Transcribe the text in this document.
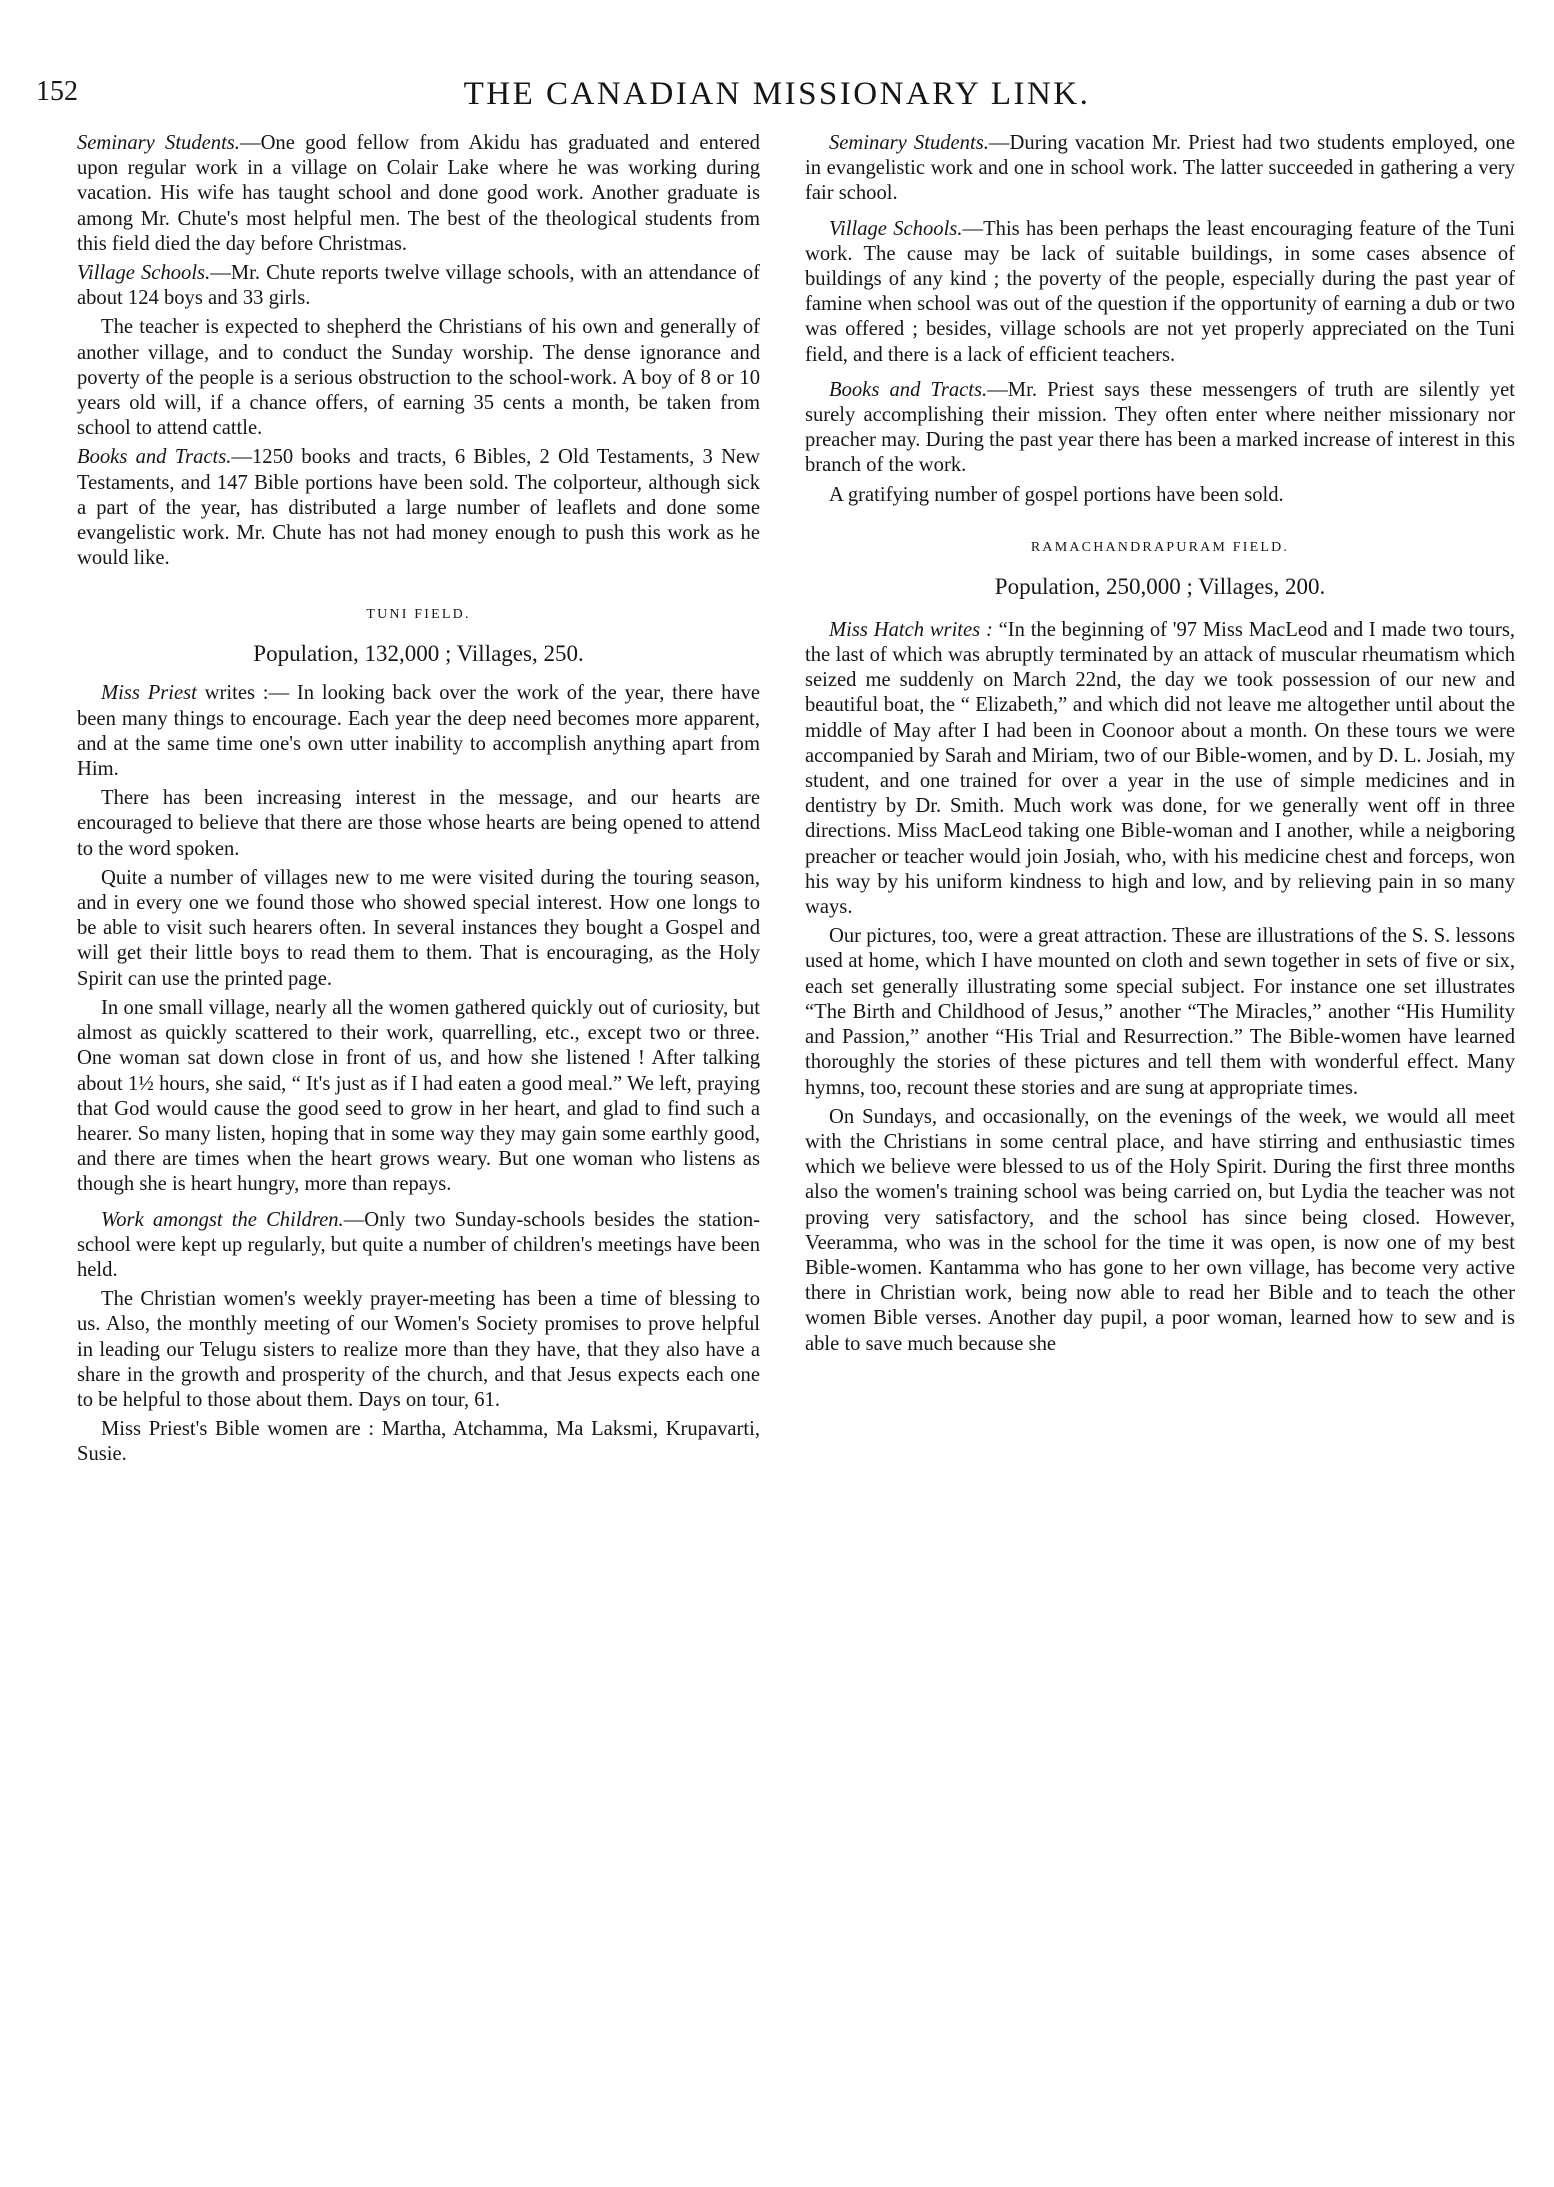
152	THE CANADIAN MISSIONARY LINK.

Seminary Students.—One good fellow from Akidu has graduated and entered upon regular work in a village on Colair Lake where he was working during vacation. His wife has taught school and done good work. Another graduate is among Mr. Chute's most helpful men. The best of the theological students from this field died the day before Christmas.

Village Schools.—Mr. Chute reports twelve village schools, with an attendance of about 124 boys and 33 girls.

The teacher is expected to shepherd the Christians of his own and generally of another village, and to conduct the Sunday worship. The dense ignorance and poverty of the people is a serious obstruction to the school-work. A boy of 8 or 10 years old will, if a chance offers, of earning 35 cents a month, be taken from school to attend cattle.

Books and Tracts.—1250 books and tracts, 6 Bibles, 2 Old Testaments, 3 New Testaments, and 147 Bible portions have been sold. The colporteur, although sick a part of the year, has distributed a large number of leaflets and done some evangelistic work. Mr. Chute has not had money enough to push this work as he would like.

TUNI FIELD.
Population, 132,000 ; Villages, 250.

Miss Priest writes :— In looking back over the work of the year, there have been many things to encourage. Each year the deep need becomes more apparent, and at the same time one's own utter inability to accomplish anything apart from Him.

There has been increasing interest in the message, and our hearts are encouraged to believe that there are those whose hearts are being opened to attend to the word spoken.

Quite a number of villages new to me were visited during the touring season, and in every one we found those who showed special interest. How one longs to be able to visit such hearers often. In several instances they bought a Gospel and will get their little boys to read them to them. That is encouraging, as the Holy Spirit can use the printed page.

In one small village, nearly all the women gathered quickly out of curiosity, but almost as quickly scattered to their work, quarrelling, etc., except two or three. One woman sat down close in front of us, and how she listened ! After talking about 1½ hours, she said, “ It's just as if I had eaten a good meal.” We left, praying that God would cause the good seed to grow in her heart, and glad to find such a hearer. So many listen, hoping that in some way they may gain some earthly good, and there are times when the heart grows weary. But one woman who listens as though she is heart hungry, more than repays.

Work amongst the Children.—Only two Sunday-schools besides the station-school were kept up regularly, but quite a number of children's meetings have been held.

The Christian women's weekly prayer-meeting has been a time of blessing to us. Also, the monthly meeting of our Women's Society promises to prove helpful in leading our Telugu sisters to realize more than they have, that they also have a share in the growth and prosperity of the church, and that Jesus expects each one to be helpful to those about them. Days on tour, 61.

Miss Priest's Bible women are : Martha, Atchamma, Ma Laksmi, Krupavarti, Susie.

Seminary Students.—During vacation Mr. Priest had two students employed, one in evangelistic work and one in school work. The latter succeeded in gathering a very fair school.

Village Schools.—This has been perhaps the least encouraging feature of the Tuni work. The cause may be lack of suitable buildings, in some cases absence of buildings of any kind ; the poverty of the people, especially during the past year of famine when school was out of the question if the opportunity of earning a dub or two was offered ; besides, village schools are not yet properly appreciated on the Tuni field, and there is a lack of efficient teachers.

Books and Tracts.—Mr. Priest says these messengers of truth are silently yet surely accomplishing their mission. They often enter where neither missionary nor preacher may. During the past year there has been a marked increase of interest in this branch of the work.

A gratifying number of gospel portions have been sold.

RAMACHANDRAPURAM FIELD.
Population, 250,000 ; Villages, 200.

Miss Hatch writes : “In the beginning of '97 Miss MacLeod and I made two tours, the last of which was abruptly terminated by an attack of muscular rheumatism which seized me suddenly on March 22nd, the day we took possession of our new and beautiful boat, the “ Elizabeth,” and which did not leave me altogether until about the middle of May after I had been in Coonoor about a month. On these tours we were accompanied by Sarah and Miriam, two of our Bible-women, and by D. L. Josiah, my student, and one trained for over a year in the use of simple medicines and in dentistry by Dr. Smith. Much work was done, for we generally went off in three directions. Miss MacLeod taking one Bible-woman and I another, while a neigboring preacher or teacher would join Josiah, who, with his medicine chest and forceps, won his way by his uniform kindness to high and low, and by relieving pain in so many ways.

Our pictures, too, were a great attraction. These are illustrations of the S. S. lessons used at home, which I have mounted on cloth and sewn together in sets of five or six, each set generally illustrating some special subject. For instance one set illustrates “The Birth and Childhood of Jesus,” another “The Miracles,” another “His Humility and Passion,” another “His Trial and Resurrection.” The Bible-women have learned thoroughly the stories of these pictures and tell them with wonderful effect. Many hymns, too, recount these stories and are sung at appropriate times.

On Sundays, and occasionally, on the evenings of the week, we would all meet with the Christians in some central place, and have stirring and enthusiastic times which we believe were blessed to us of the Holy Spirit. During the first three months also the women's training school was being carried on, but Lydia the teacher was not proving very satisfactory, and the school has since being closed. However, Veeramma, who was in the school for the time it was open, is now one of my best Bible-women. Kantamma who has gone to her own village, has become very active there in Christian work, being now able to read her Bible and to teach the other women Bible verses. Another day pupil, a poor woman, learned how to sew and is able to save much because she
